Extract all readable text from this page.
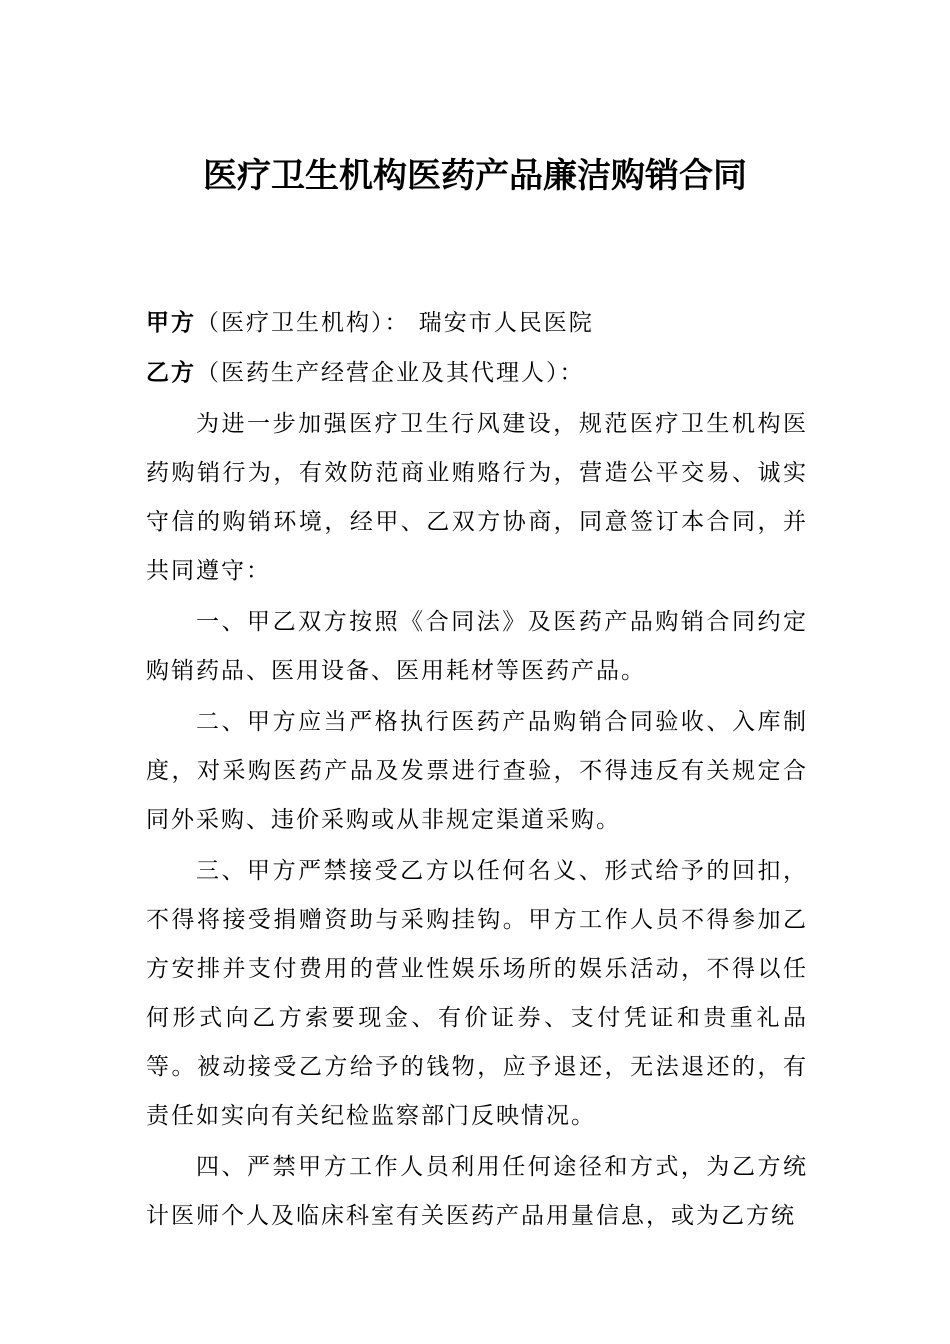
医疗卫生机构医药产品廉洁购销合同
甲方（医疗卫生机构）： 瑞安市人民医院
乙方（医药生产经营企业及其代理人）：

为进一步加强医疗卫生行风建设，规范医疗卫生机构医药购销行为，有效防范商业贿赂行为，营造公平交易、诚实守信的购销环境，经甲、乙双方协商，同意签订本合同，并共同遵守：

一、甲乙双方按照《合同法》及医药产品购销合同约定购销药品、医用设备、医用耗材等医药产品。

二、甲方应当严格执行医药产品购销合同验收、入库制度，对采购医药产品及发票进行查验，不得违反有关规定合同外采购、违价采购或从非规定渠道采购。

三、甲方严禁接受乙方以任何名义、形式给予的回扣，不得将接受捐赠资助与采购挂钩。甲方工作人员不得参加乙方安排并支付费用的营业性娱乐场所的娱乐活动，不得以任何形式向乙方索要现金、有价证券、支付凭证和贵重礼品等。被动接受乙方给予的钱物，应予退还，无法退还的，有责任如实向有关纪检监察部门反映情况。

四、严禁甲方工作人员利用任何途径和方式，为乙方统计医师个人及临床科室有关医药产品用量信息，或为乙方统
